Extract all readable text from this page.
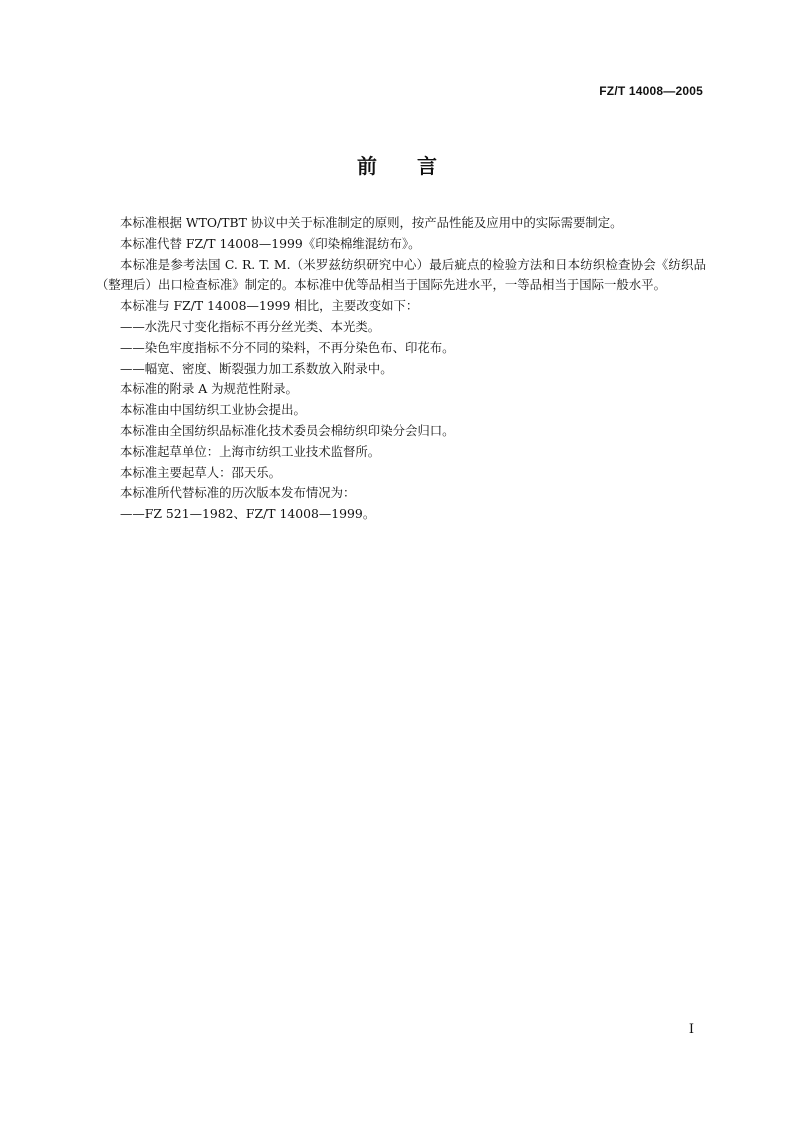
FZ/T 14008—2005
前言

本标准根据 WTO/TBT 协议中关于标准制定的原则，按产品性能及应用中的实际需要制定。

本标准代替 FZ/T 14008—1999《印染棉维混纺布》。

本标准是参考法国 C. R. T. M.（米罗兹纺织研究中心）最后疵点的检验方法和日本纺织检查协会《纺织品（整理后）出口检查标准》制定的。本标准中优等品相当于国际先进水平，一等品相当于国际一般水平。

本标准与 FZ/T 14008—1999 相比，主要改变如下：

——水洗尺寸变化指标不再分丝光类、本光类。

——染色牢度指标不分不同的染料，不再分染色布、印花布。

——幅宽、密度、断裂强力加工系数放入附录中。

本标准的附录 A 为规范性附录。

本标准由中国纺织工业协会提出。

本标准由全国纺织品标准化技术委员会棉纺织印染分会归口。

本标准起草单位：上海市纺织工业技术监督所。

本标准主要起草人：邵天乐。

本标准所代替标准的历次版本发布情况为：

——FZ 521—1982、FZ/T 14008—1999。

I
